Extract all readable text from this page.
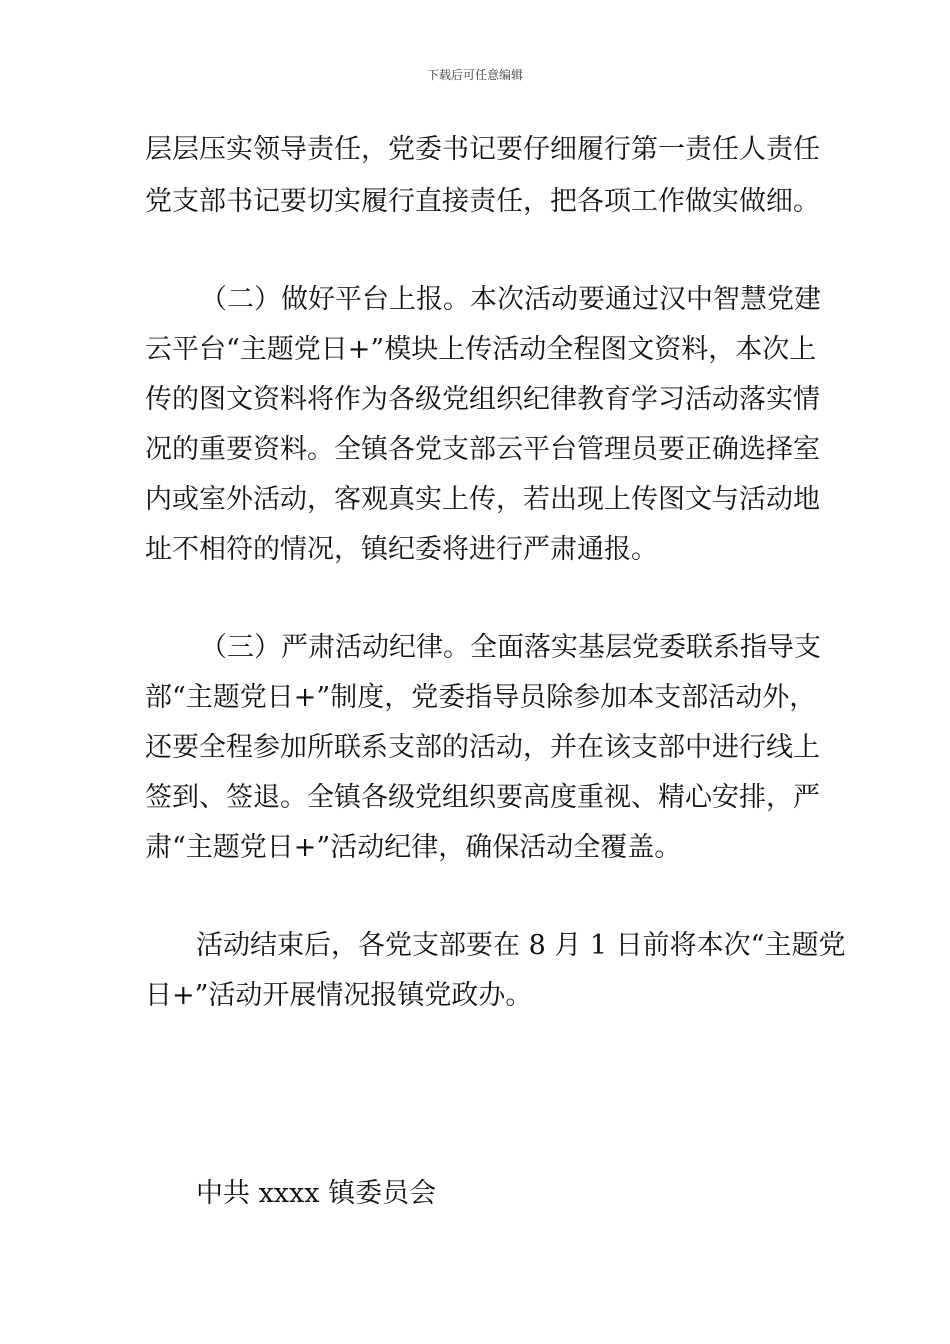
下载后可任意编辑
层层压实领导责任，党委书记要仔细履行第一责任人责任
党支部书记要切实履行直接责任，把各项工作做实做细。
（二）做好平台上报。本次活动要通过汉中智慧党建
云平台“主题党日+”模块上传活动全程图文资料，本次上
传的图文资料将作为各级党组织纪律教育学习活动落实情
况的重要资料。全镇各党支部云平台管理员要正确选择室
内或室外活动，客观真实上传，若出现上传图文与活动地
址不相符的情况，镇纪委将进行严肃通报。
（三）严肃活动纪律。全面落实基层党委联系指导支
部“主题党日+”制度，党委指导员除参加本支部活动外，
还要全程参加所联系支部的活动，并在该支部中进行线上
签到、签退。全镇各级党组织要高度重视、精心安排，严
肃“主题党日+”活动纪律，确保活动全覆盖。
活动结束后，各党支部要在 8 月 1 日前将本次“主题党
日+”活动开展情况报镇党政办。
中共 xxxx 镇委员会
